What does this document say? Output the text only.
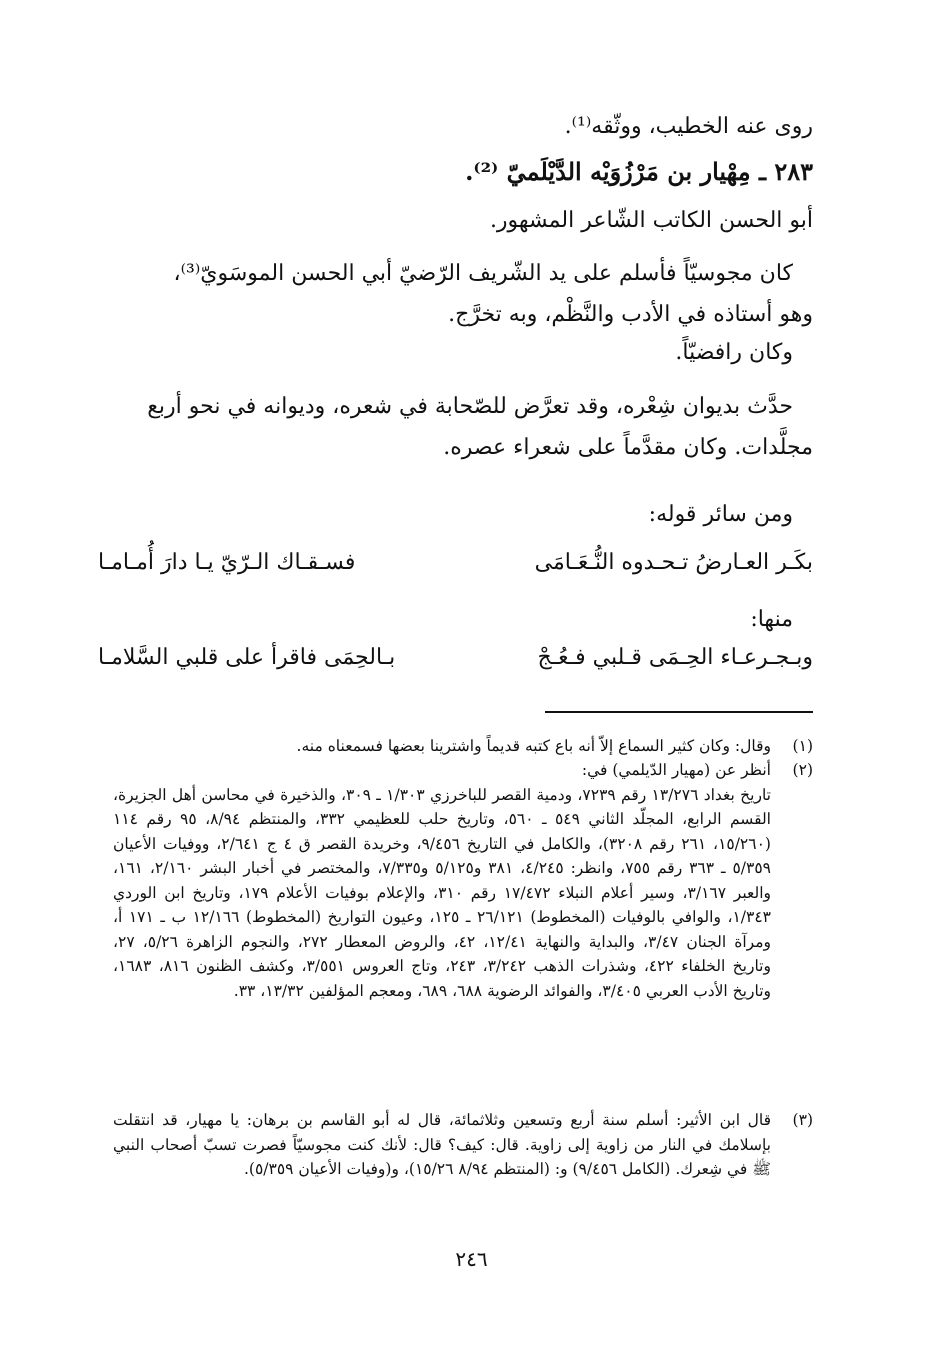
روى عنه الخطيب، ووثّقه⁽¹⁾.
٢٨٣ ـ مِهْيار بن مَرْزُوَيْه الدَّيْلَميّ ⁽²⁾.
أبو الحسن الكاتب الشّاعر المشهور.
كان مجوسيّاً فأسلم على يد الشّريف الرّضيّ أبي الحسن الموسَويّ⁽³⁾،
وهو أستاذه في الأدب والنَّظْم، وبه تخرَّج.
وكان رافضيّاً.
حدَّث بديوان شِعْره، وقد تعرَّض للصّحابة في شعره، وديوانه في نحو أربع
مجلَّدات. وكان مقدَّماً على شعراء عصره.
ومن سائر قوله:
بكَـر العـارضُ تـحـدوه النُّـعَـامَى
فسـقـاك الـرّيّ يـا دارَ أُمـامـا
منها:
وبـجـرعـاء الحِـمَى قـلبي فـعُـجْ
بـالحِمَى فاقرأ على قلبي السَّلامـا
(١)

وقال: وكان كثير السماع إلاّ أنه باع كتبه قديماً واشترينا بعضها فسمعناه منه.

(٢)

أنظر عن (مهيار الدّيلمي) في:

تاريخ بغداد ١٣/٢٧٦ رقم ٧٢٣٩، ودمية القصر للباخرزي ١/٣٠٣ ـ ٣٠٩، والذخيرة في محاسن أهل الجزيرة، القسم الرابع، المجلّد الثاني ٥٤٩ ـ ٥٦٠، وتاريخ حلب للعظيمي ٣٣٢، والمنتظم ٨/٩٤، ٩٥ رقم ١١٤ (١٥/٢٦٠، ٢٦١ رقم ٣٢٠٨)، والكامل في التاريخ ٩/٤٥٦، وخريدة القصر ق ٤ ج ٢/٦٤١، ووفيات الأعيان ٥/٣٥٩ ـ ٣٦٣ رقم ٧٥٥، وانظر: ٤/٢٤٥، ٣٨١ و٥/١٢٥ و٧/٣٣٥، والمختصر في أخبار البشر ٢/١٦٠، ١٦١، والعبر ٣/١٦٧، وسير أعلام النبلاء ١٧/٤٧٢ رقم ٣١٠، والإعلام بوفيات الأعلام ١٧٩، وتاريخ ابن الوردي ١/٣٤٣، والوافي بالوفيات (المخطوط) ٢٦/١٢١ ـ ١٢٥، وعيون التواريخ (المخطوط) ١٢/١٦٦ ب ـ ١٧١ أ، ومرآة الجنان ٣/٤٧، والبداية والنهاية ١٢/٤١، ٤٢، والروض المعطار ٢٧٢، والنجوم الزاهرة ٥/٢٦، ٢٧، وتاريخ الخلفاء ٤٢٢، وشذرات الذهب ٣/٢٤٢، ٢٤٣، وتاج العروس ٣/٥٥١، وكشف الظنون ٨١٦، ١٦٨٣، وتاريخ الأدب العربي ٣/٤٠٥، والفوائد الرضوية ٦٨٨، ٦٨٩، ومعجم المؤلفين ١٣/٣٢، ٣٣.

(٣)

قال ابن الأثير: أسلم سنة أربع وتسعين وثلاثمائة، قال له أبو القاسم بن برهان: يا مهيار، قد انتقلت بإسلامك في النار من زاوية إلى زاوية. قال: كيف؟ قال: لأنك كنت مجوسيّاً فصرت تسبّ أصحاب النبي ﷺ في شِعرك. (الكامل ٩/٤٥٦) و: (المنتظم ٨/٩٤ ١٥/٢٦)، و(وفيات الأعيان ٥/٣٥٩).

٢٤٦
